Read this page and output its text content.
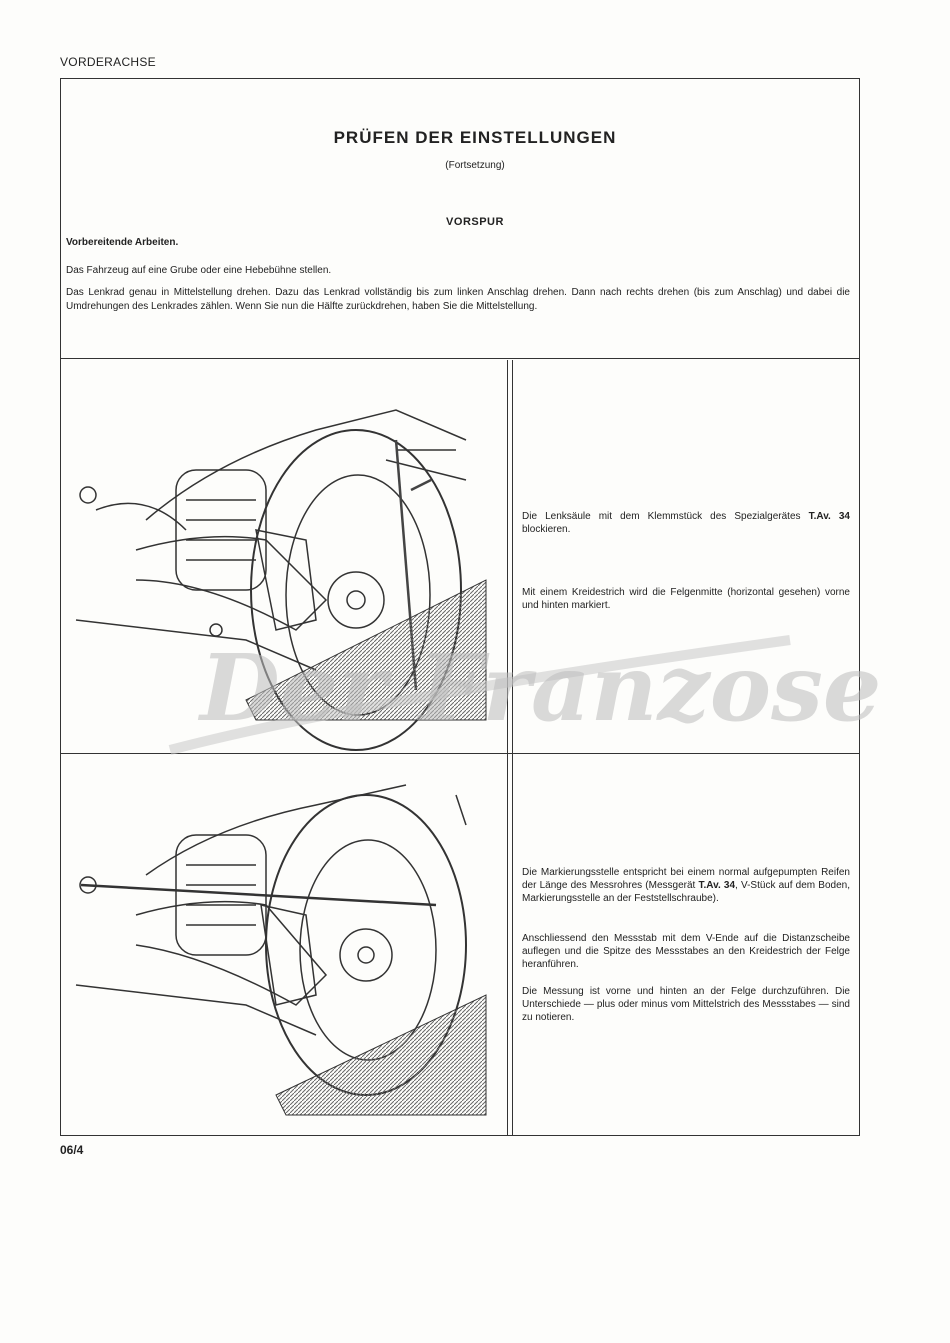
VORDERACHSE
PRÜFEN DER EINSTELLUNGEN
(Fortsetzung)
VORSPUR
Vorbereitende Arbeiten.
Das Fahrzeug auf eine Grube oder eine Hebebühne stellen.
Das Lenkrad genau in Mittelstellung drehen. Dazu das Lenkrad vollständig bis zum linken Anschlag drehen. Dann nach rechts drehen (bis zum Anschlag) und dabei die Umdrehungen des Lenkrades zählen. Wenn Sie nun die Hälfte zurückdrehen, haben Sie die Mittelstellung.
Die Lenksäule mit dem Klemmstück des Spezialgerätes T.Av. 34 blockieren.
Mit einem Kreidestrich wird die Felgenmitte (horizontal gesehen) vorne und hinten markiert.
Die Markierungsstelle entspricht bei einem normal aufgepumpten Reifen der Länge des Messrohres (Messgerät T.Av. 34, V-Stück auf dem Boden, Markierungsstelle an der Feststellschraube).
Anschliessend den Messstab mit dem V-Ende auf die Distanzscheibe auflegen und die Spitze des Messstabes an den Kreidestrich der Felge heranführen.
Die Messung ist vorne und hinten an der Felge durchzuführen. Die Unterschiede — plus oder minus vom Mittelstrich des Messstabes — sind zu notieren.
Der Franzose
06/4
